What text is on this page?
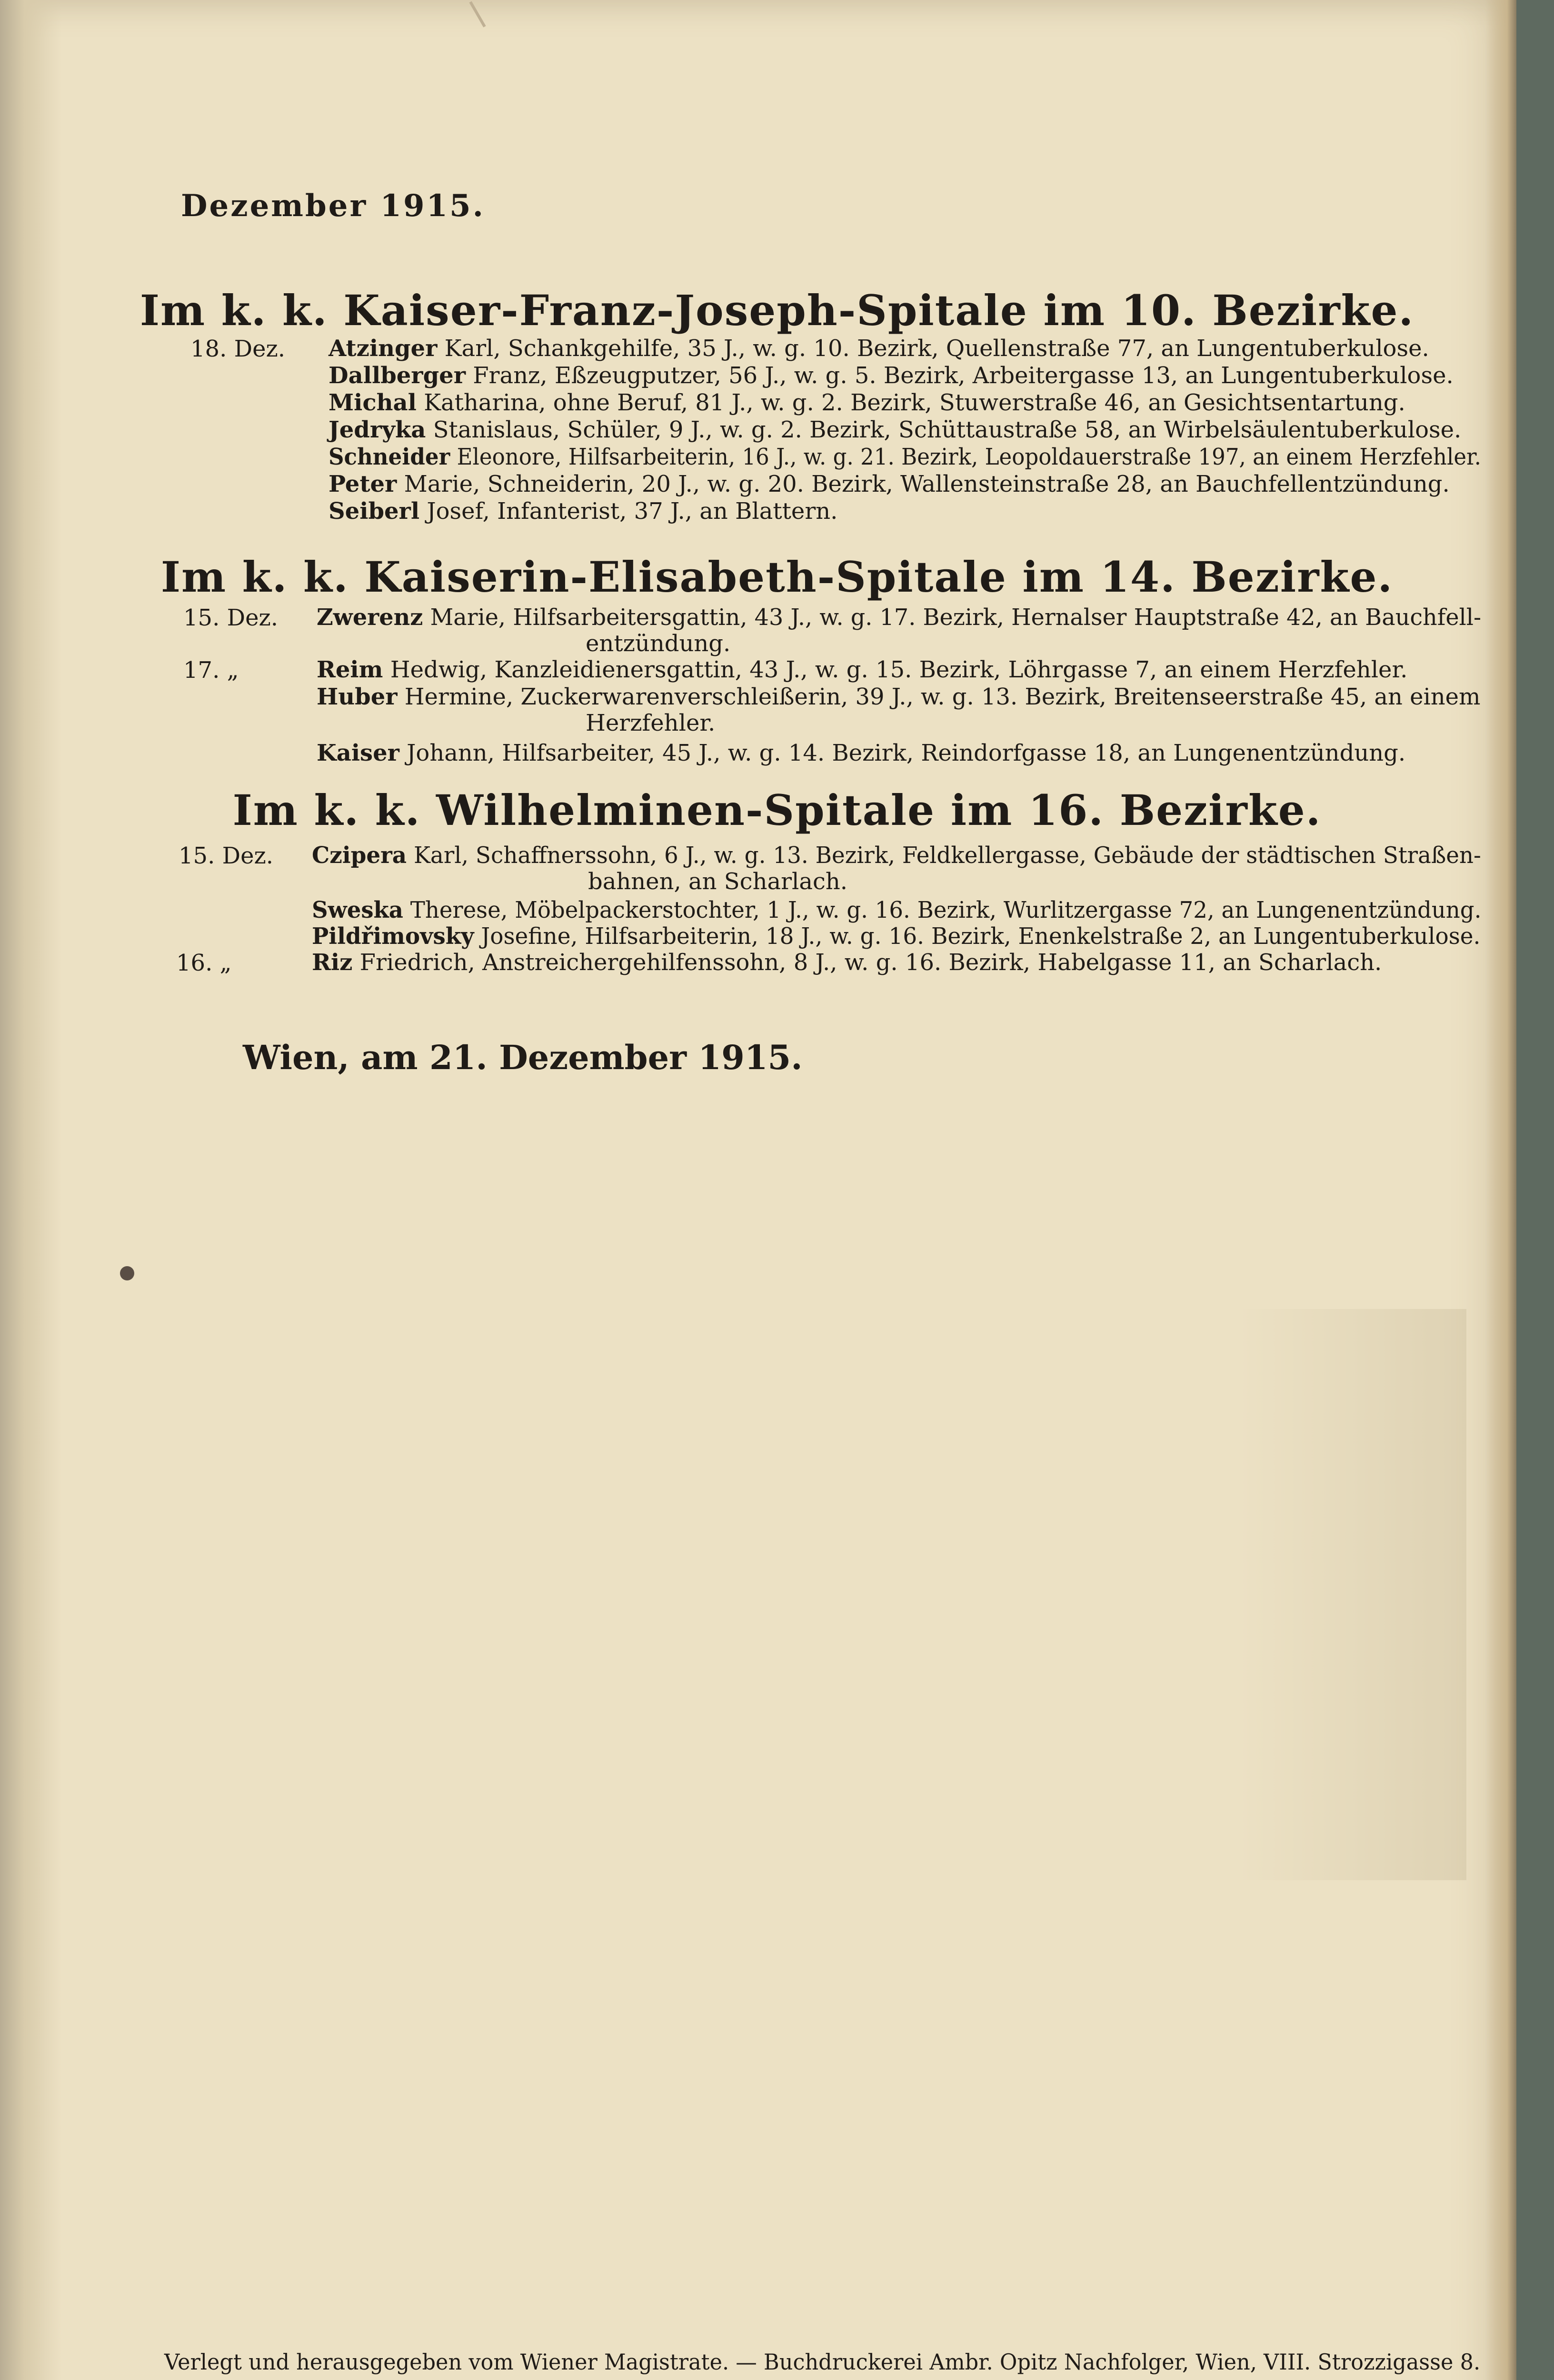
Dezember 1915.
Im k. k. Kaiser-Franz-Joseph-Spitale im 10. Bezirke.
18. Dez. Atzinger Karl, Schankgehilfe, 35 J., w. g. 10. Bezirk, Quellenstraße 77, an Lungentuberkulose.
Dallberger Franz, Eßzeugputzer, 56 J., w. g. 5. Bezirk, Arbeitergasse 13, an Lungentuberkulose.
Michal Katharina, ohne Beruf, 81 J., w. g. 2. Bezirk, Stuwerstraße 46, an Gesichtsentartung.
Jedryka Stanislaus, Schüler, 9 J., w. g. 2. Bezirk, Schüttaustraße 58, an Wirbelsäulentuberkulose.
Schneider Eleonore, Hilfsarbeiterin, 16 J., w. g. 21. Bezirk, Leopoldauerstraße 197, an einem Herzfehler.
Peter Marie, Schneiderin, 20 J., w. g. 20. Bezirk, Wallensteinstraße 28, an Bauchfellentzündung.
Seiberl Josef, Infanterist, 37 J., an Blattern.
Im k. k. Kaiserin-Elisabeth-Spitale im 14. Bezirke.
15. Dez. Zwerenz Marie, Hilfsarbeitersgattin, 43 J., w. g. 17. Bezirk, Hernalser Hauptstraße 42, an Bauchfell-
entzündung.
17. „	Reim Hedwig, Kanzleidienersgattin, 43 J., w. g. 15. Bezirk, Löhrgasse 7, an einem Herzfehler.
Huber Hermine, Zuckerwarenverschleißerin, 39 J., w. g. 13. Bezirk, Breitenseerstraße 45, an einem
Herzfehler.
Kaiser Johann, Hilfsarbeiter, 45 J., w. g. 14. Bezirk, Reindorfgasse 18, an Lungenentzündung.
Im k. k. Wilhelminen-Spitale im 16. Bezirke.
15. Dez. Czipera Karl, Schaffnerssohn, 6 J., w. g. 13. Bezirk, Feldkellergasse, Gebäude der städtischen Straßen-
bahnen, an Scharlach.
Sweska Therese, Möbelpackerstochter, 1 J., w. g. 16. Bezirk, Wurlitzergasse 72, an Lungenentzündung.
Pildřimovsky Josefine, Hilfsarbeiterin, 18 J., w. g. 16. Bezirk, Enenkelstraße 2, an Lungentuberkulose.
16. „	Riz Friedrich, Anstreichergehilfenssohn, 8 J., w. g. 16. Bezirk, Habelgasse 11, an Scharlach.
Wien, am 21. Dezember 1915.
Verlegt und herausgegeben vom Wiener Magistrate. — Buchdruckerei Ambr. Opitz Nachfolger, Wien, VIII. Strozzigasse 8.
